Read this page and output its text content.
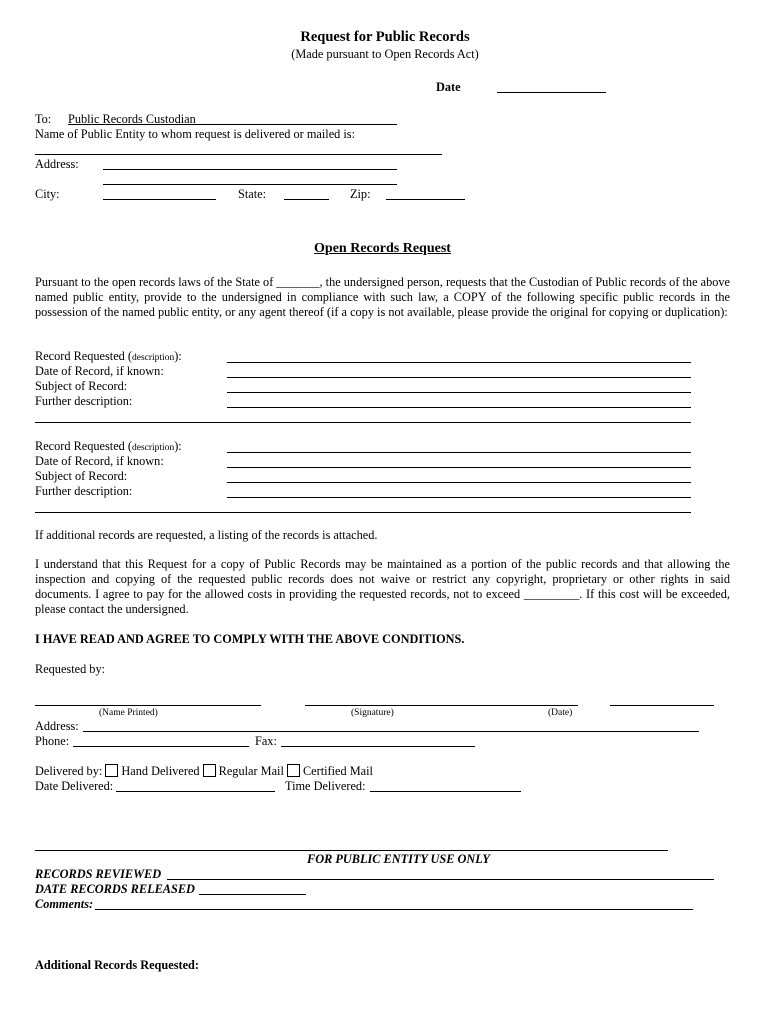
Request for Public Records
(Made pursuant to Open Records Act)
Date
To: Public Records Custodian
Name of Public Entity to whom request is delivered or mailed is:
Address:
City:	State:	Zip:
Open Records Request
Pursuant to the open records laws of the State of _______, the undersigned person, requests that the Custodian of Public records of the above named public entity, provide to the undersigned in compliance with such law, a COPY of the following specific public records in the possession of the named public entity, or any agent thereof (if a copy is not available, please provide the original for copying or duplication):
Record Requested (description):
Date of Record, if known:
Subject of Record:
Further description:
Record Requested (description):
Date of Record, if known:
Subject of Record:
Further description:
If additional records are requested, a listing of the records is attached.
I understand that this Request for a copy of Public Records may be maintained as a portion of the public records and that allowing the inspection and copying of the requested public records does not waive or restrict any copyright, proprietary or other rights in said documents. I agree to pay for the allowed costs in providing the requested records, not to exceed _________. If this cost will be exceeded, please contact the undersigned.
I HAVE READ AND AGREE TO COMPLY WITH THE ABOVE CONDITIONS.
Requested by:
(Name Printed)	(Signature)	(Date)
Address:
Phone:	Fax:
Delivered by: Hand Delivered Regular Mail Certified Mail
Date Delivered:	Time Delivered:
FOR PUBLIC ENTITY USE ONLY
RECORDS REVIEWED
DATE RECORDS RELEASED
Comments:
Additional Records Requested:
